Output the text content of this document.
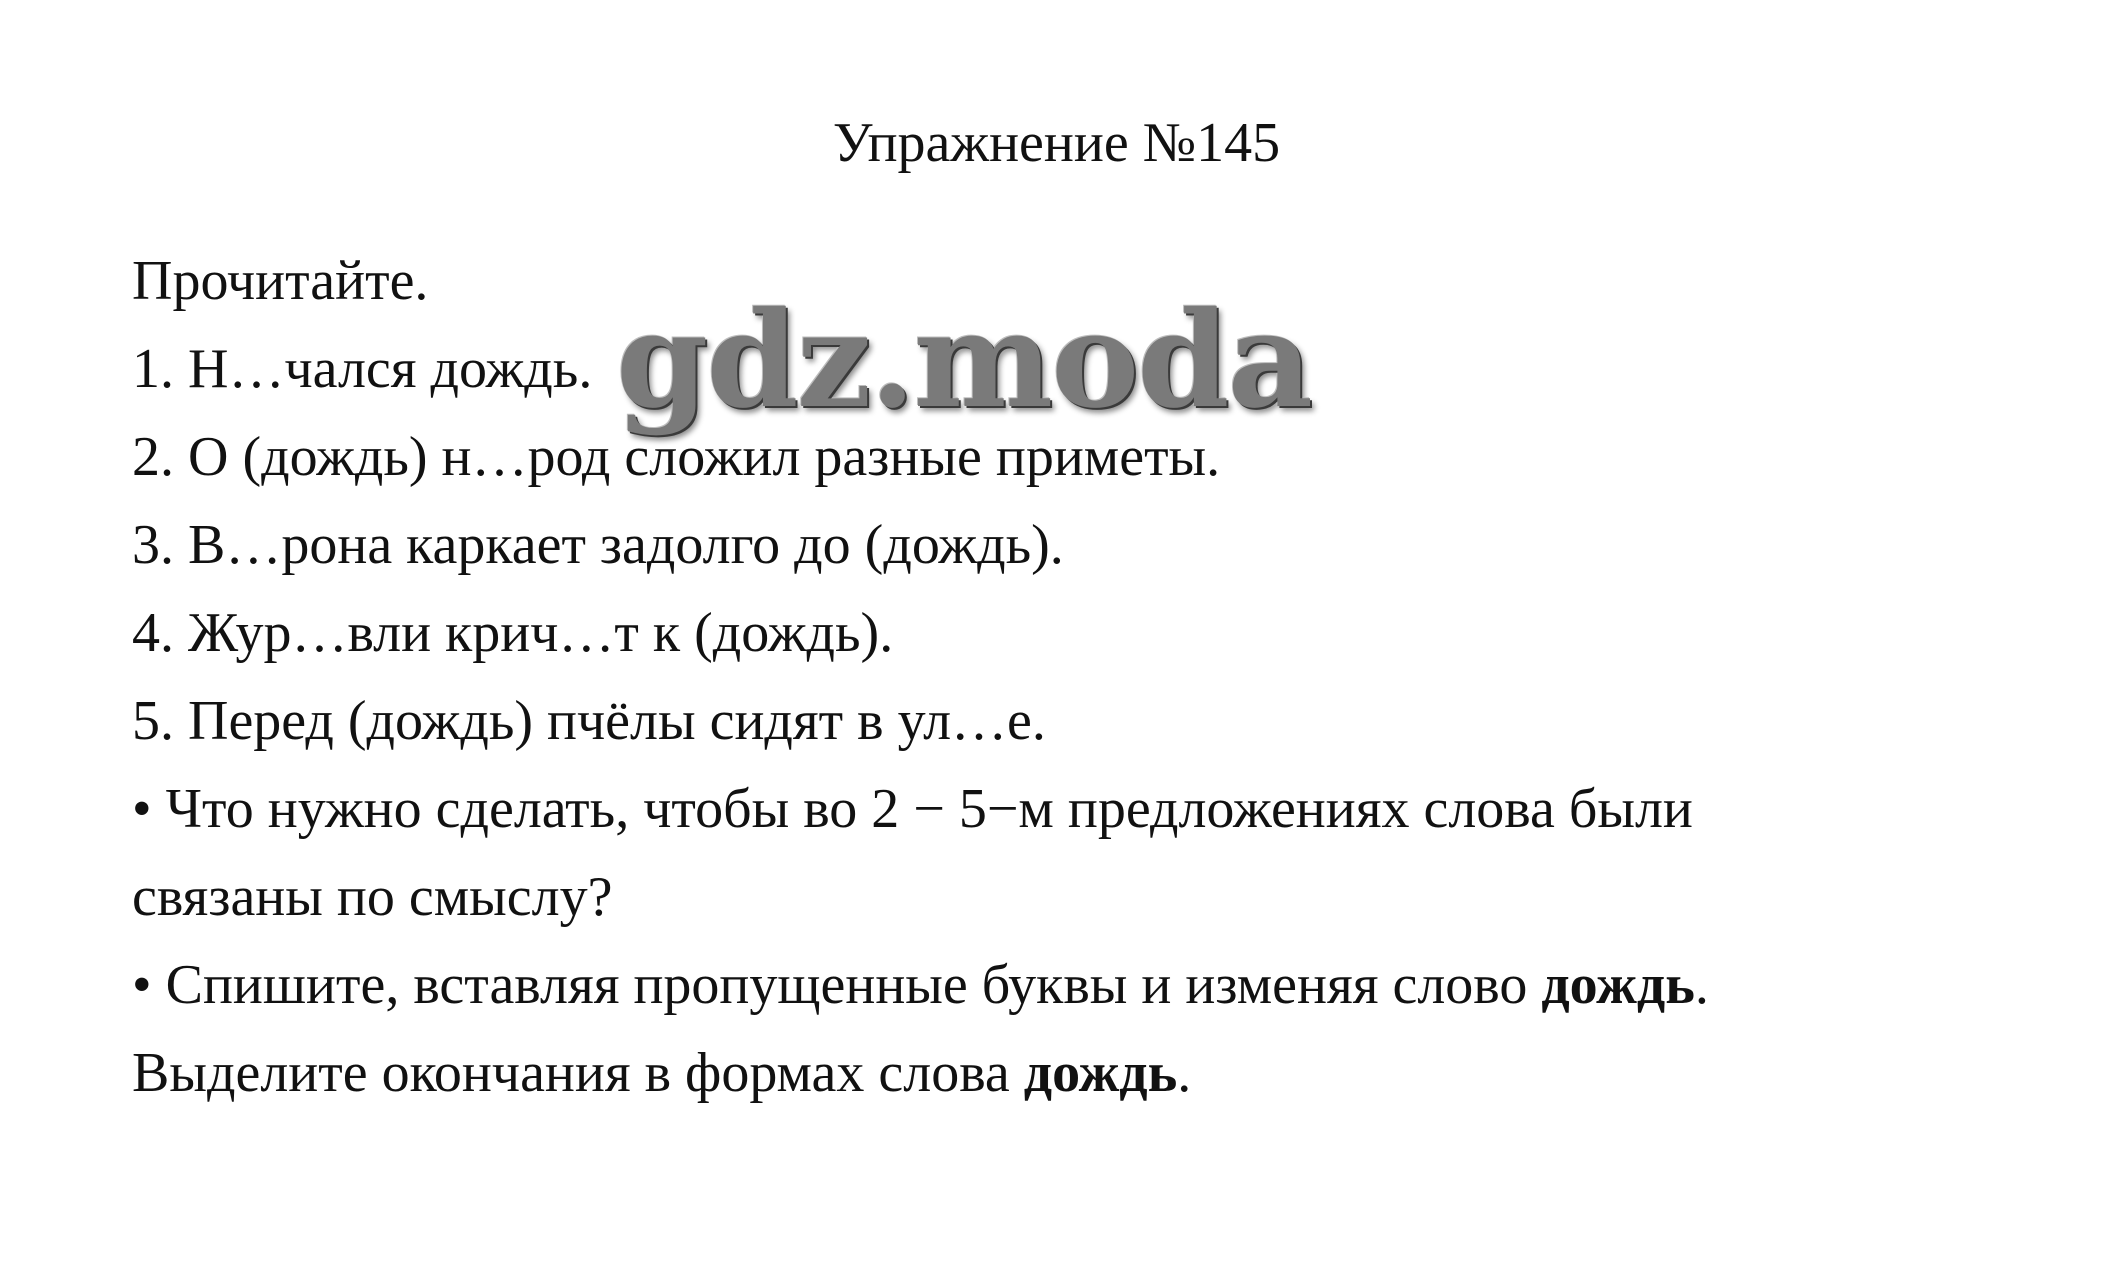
Упражнение №145
Прочитайте.
1. Н…чался дождь.
2. О (дождь) н…род сложил разные приметы.
3. В…рона каркает задолго до (дождь).
4. Жур…вли крич…т к (дождь).
5. Перед (дождь) пчёлы сидят в ул…е.
• Что нужно сделать, чтобы во 2 − 5−м предложениях слова были
связаны по смыслу?
• Спишите, вставляя пропущенные буквы и изменяя слово дождь.
Выделите окончания в формах слова дождь.
gdz.moda
